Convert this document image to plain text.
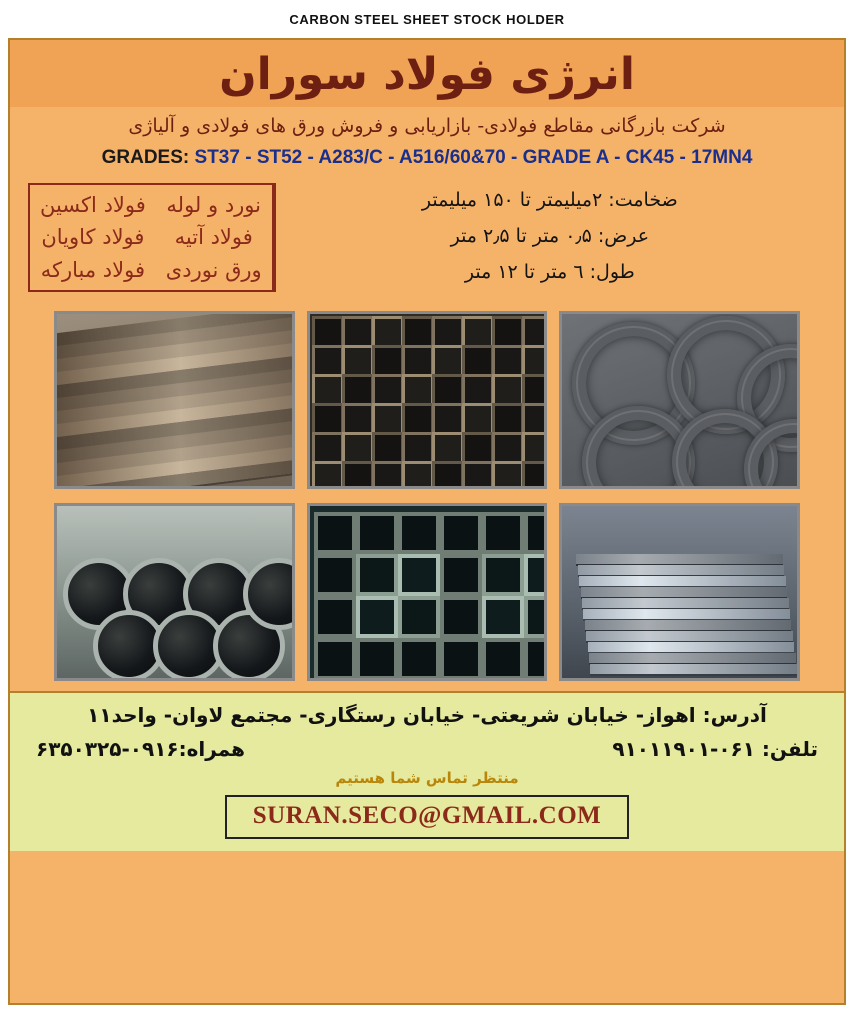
CARBON STEEL SHEET STOCK HOLDER
انرژی فولاد سوران
شرکت بازرگانی مقاطع فولادی- بازاریابی و فروش ورق های فولادی و آلیاژی
GRADES: ST37 - ST52 - A283/C - A516/60&70 - GRADE A - CK45 - 17MN4
ضخامت: ۲میلیمتر تا ۱۵۰ میلیمتر
عرض: ۰٫۵ متر تا ۲٫۵ متر
طول: ٦ متر تا ۱۲ متر
فولاد اکسین
فولاد کاویان
فولاد مبارکه
نورد و لوله
فولاد آتیه
ورق نوردی
آدرس: اهواز- خیابان شریعتی- خیابان رستگاری- مجتمع لاوان- واحد۱۱
تلفن: ۰۶۱-۹۱۰۱۱۹۰۱
همراه:۰۹۱۶-۶۳۵۰۳۲۵
منتظر تماس شما هستیم
SURAN.SECO@GMAIL.COM
